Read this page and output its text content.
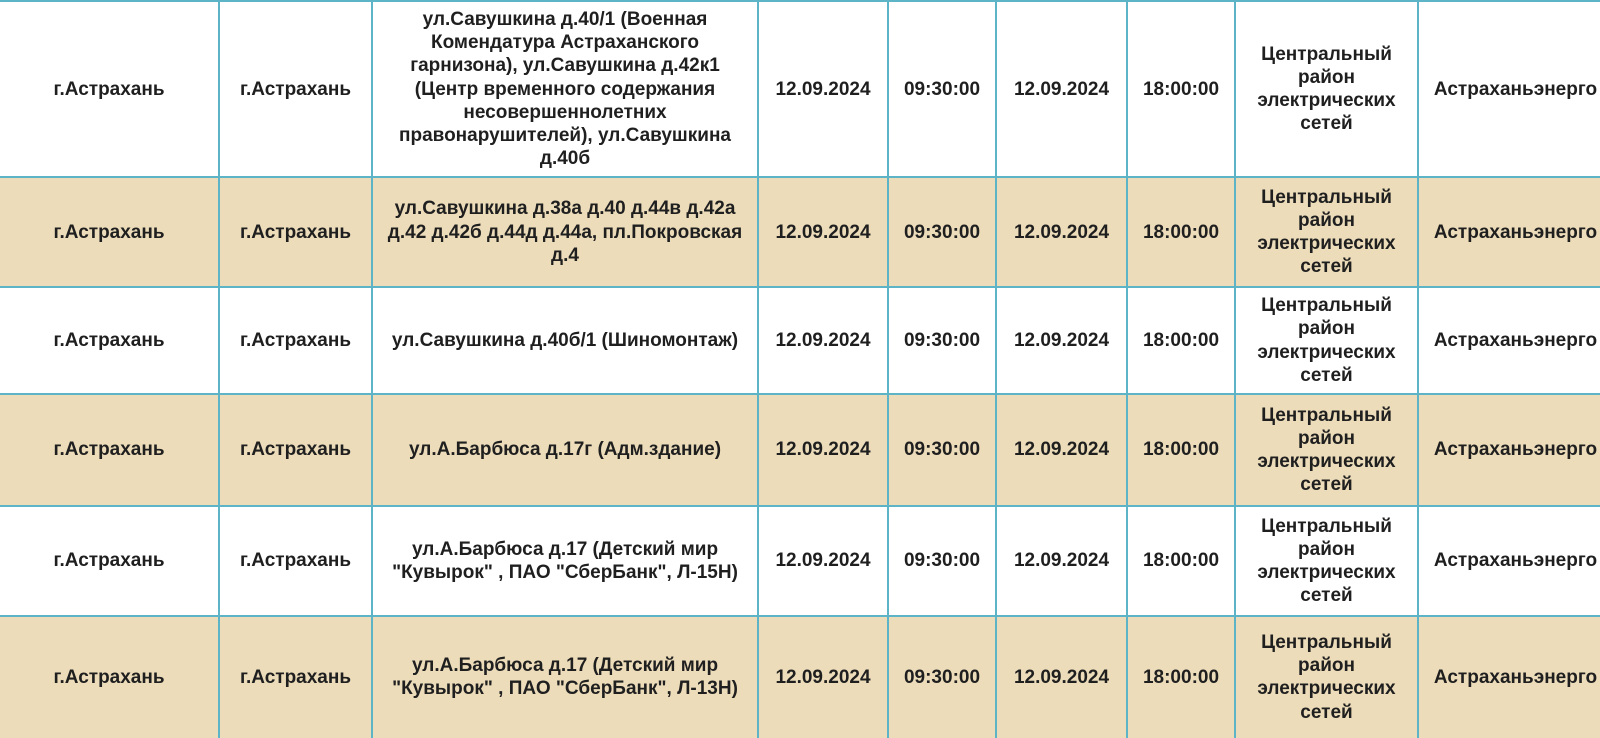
г.Астрахань	г.Астрахань	ул.Савушкина д.40/1 (Военная Комендатура Астраханского гарнизона), ул.Савушкина д.42к1 (Центр временного содержания несовершеннолетних правонарушителей), ул.Савушкина д.40б	12.09.2024	09:30:00	12.09.2024	18:00:00	Центральный район электрических сетей	Астраханьэнерго
г.Астрахань	г.Астрахань	ул.Савушкина д.38а д.40 д.44в д.42а д.42 д.42б д.44д д.44а, пл.Покровская д.4	12.09.2024	09:30:00	12.09.2024	18:00:00	Центральный район электрических сетей	Астраханьэнерго
г.Астрахань	г.Астрахань	ул.Савушкина д.40б/1 (Шиномонтаж)	12.09.2024	09:30:00	12.09.2024	18:00:00	Центральный район электрических сетей	Астраханьэнерго
г.Астрахань	г.Астрахань	ул.А.Барбюса д.17г (Адм.здание)	12.09.2024	09:30:00	12.09.2024	18:00:00	Центральный район электрических сетей	Астраханьэнерго
г.Астрахань	г.Астрахань	ул.А.Барбюса д.17 (Детский мир "Кувырок" , ПАО "СберБанк", Л-15Н)	12.09.2024	09:30:00	12.09.2024	18:00:00	Центральный район электрических сетей	Астраханьэнерго
г.Астрахань	г.Астрахань	ул.А.Барбюса д.17 (Детский мир "Кувырок" , ПАО "СберБанк", Л-13Н)	12.09.2024	09:30:00	12.09.2024	18:00:00	Центральный район электрических сетей	Астраханьэнерго
